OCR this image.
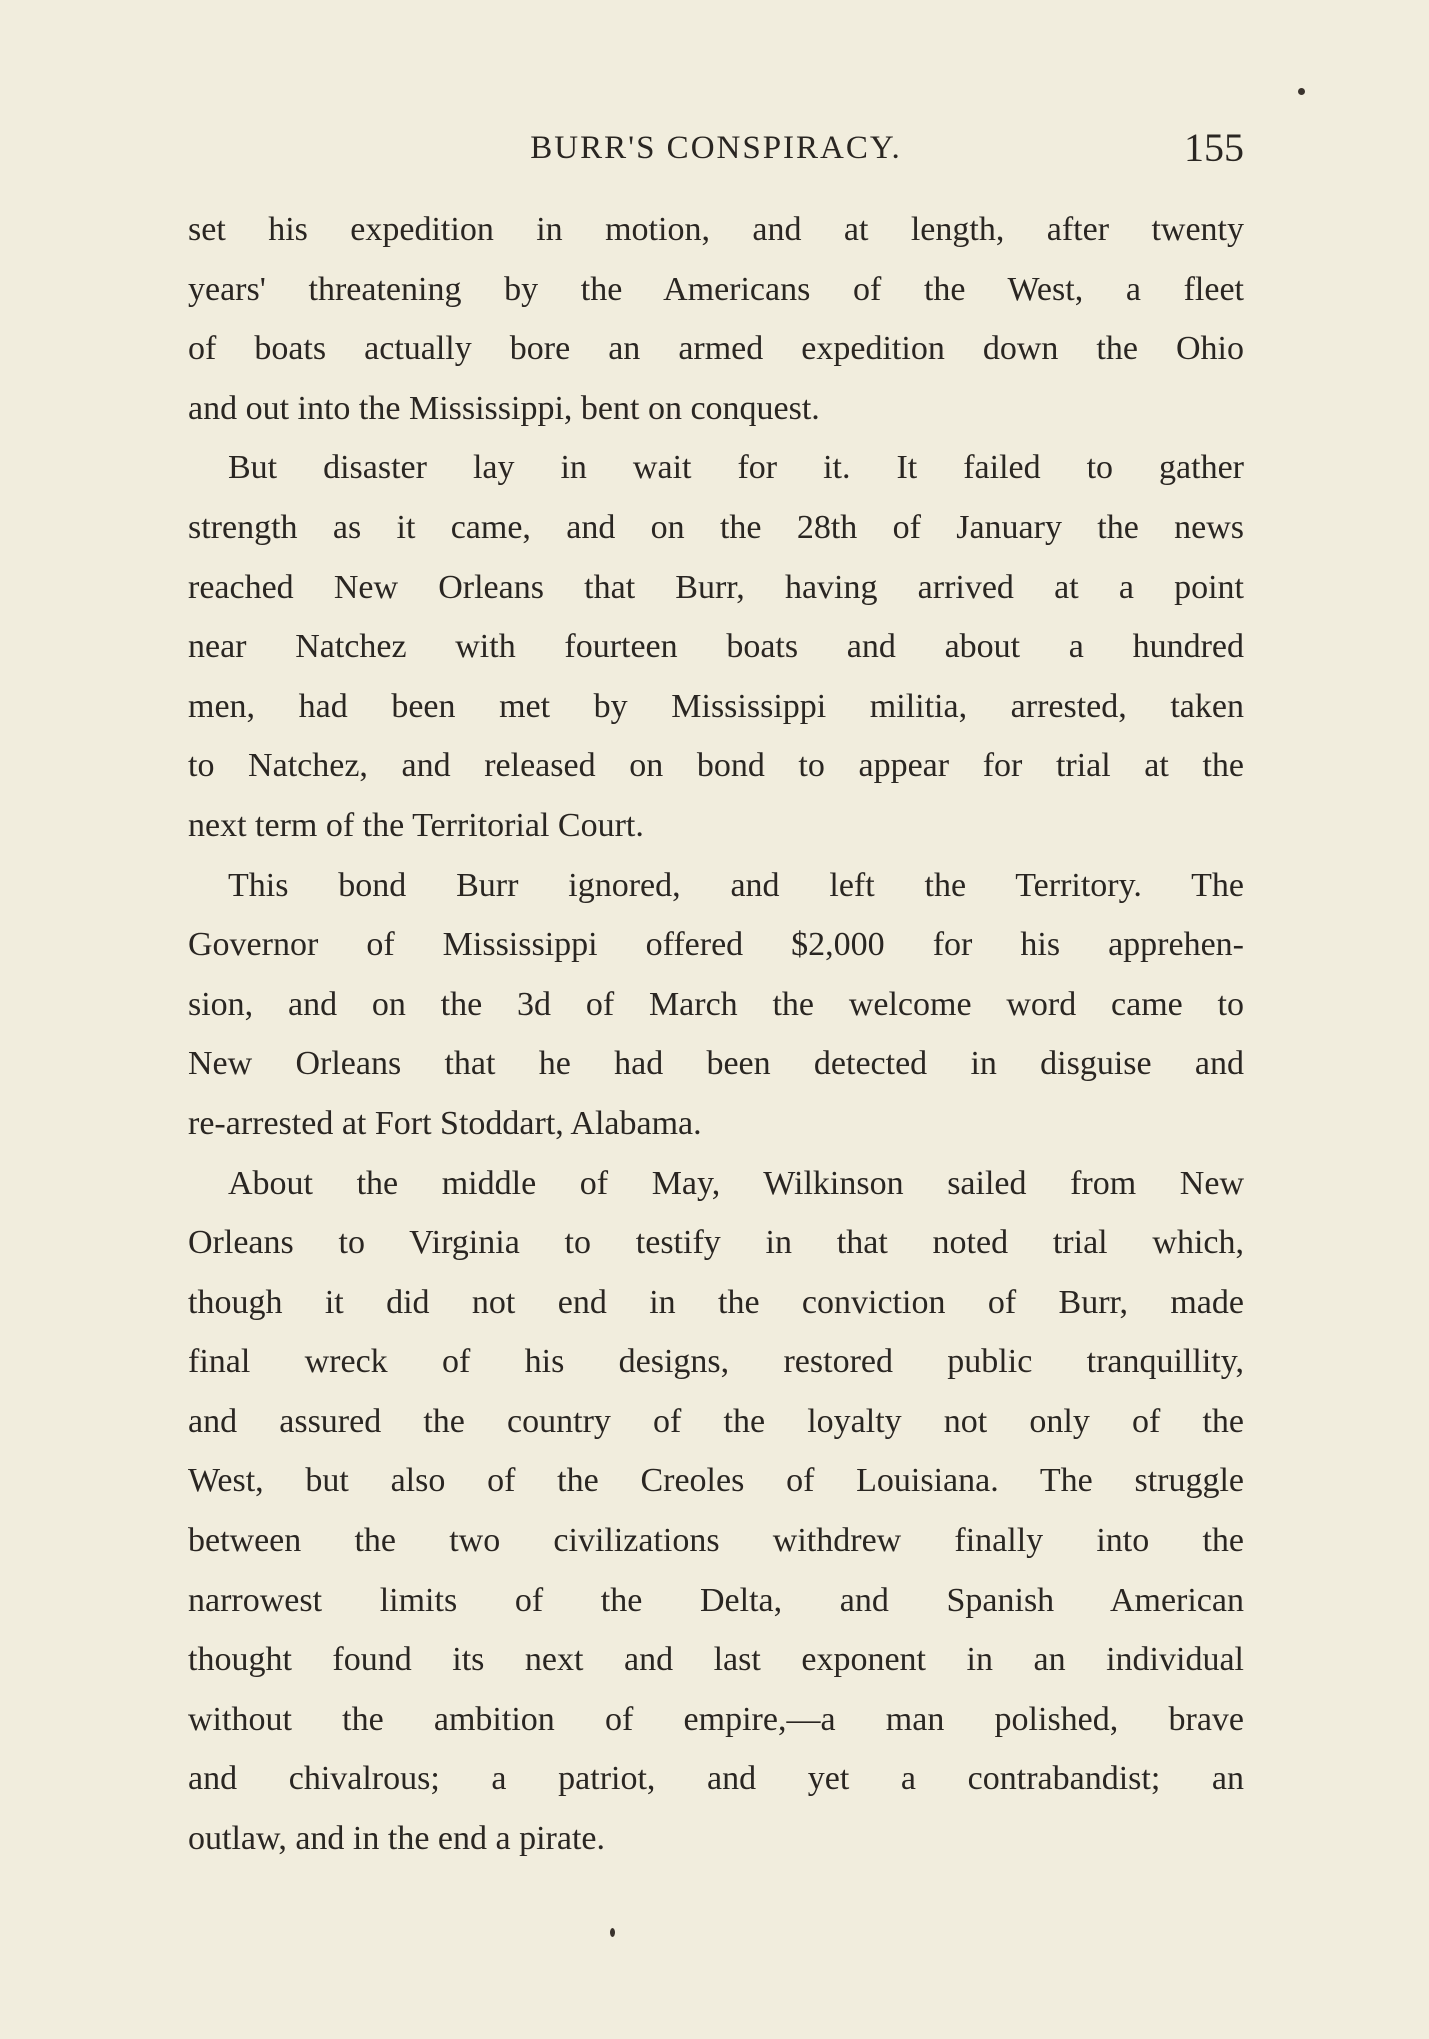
BURR'S CONSPIRACY.	155
set his expedition in motion, and at length, after twenty
years' threatening by the Americans of the West, a fleet
of boats actually bore an armed expedition down the Ohio
and out into the Mississippi, bent on conquest.
But disaster lay in wait for it. It failed to gather
strength as it came, and on the 28th of January the news
reached New Orleans that Burr, having arrived at a point
near Natchez with fourteen boats and about a hundred
men, had been met by Mississippi militia, arrested, taken
to Natchez, and released on bond to appear for trial at the
next term of the Territorial Court.
This bond Burr ignored, and left the Territory. The
Governor of Mississippi offered $2,000 for his apprehen-
sion, and on the 3d of March the welcome word came to
New Orleans that he had been detected in disguise and
re-arrested at Fort Stoddart, Alabama.
About the middle of May, Wilkinson sailed from New
Orleans to Virginia to testify in that noted trial which,
though it did not end in the conviction of Burr, made
final wreck of his designs, restored public tranquillity,
and assured the country of the loyalty not only of the
West, but also of the Creoles of Louisiana. The struggle
between the two civilizations withdrew finally into the
narrowest limits of the Delta, and Spanish American
thought found its next and last exponent in an individual
without the ambition of empire,—a man polished, brave
and chivalrous; a patriot, and yet a contrabandist; an
outlaw, and in the end a pirate.
